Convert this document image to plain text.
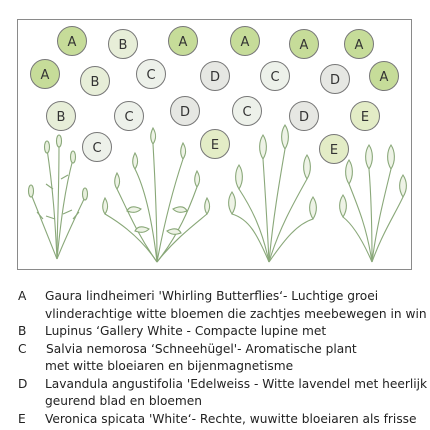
A	B	A	A	A	A
A	B	C	D	C	D	A
B	C	D	C	D	E
C	E	E
A	Gaura lindheimeri 'Whirling Butterflies‘- Luchtige groei
vlinderachtige witte bloemen die zachtjes meebewegen in win
B	Lupinus ‘Gallery White - Compacte lupine met
C	Salvia nemorosa ‘Schneehügel'- Aromatische plant
met witte bloeiaren en bijenmagnetisme
D	Lavandula angustifolia 'Edelweiss - Witte lavendel met heerlijk
geurend blad en bloemen
E	Veronica spicata 'White‘- Rechte, wuwitte bloeiaren als frisse
